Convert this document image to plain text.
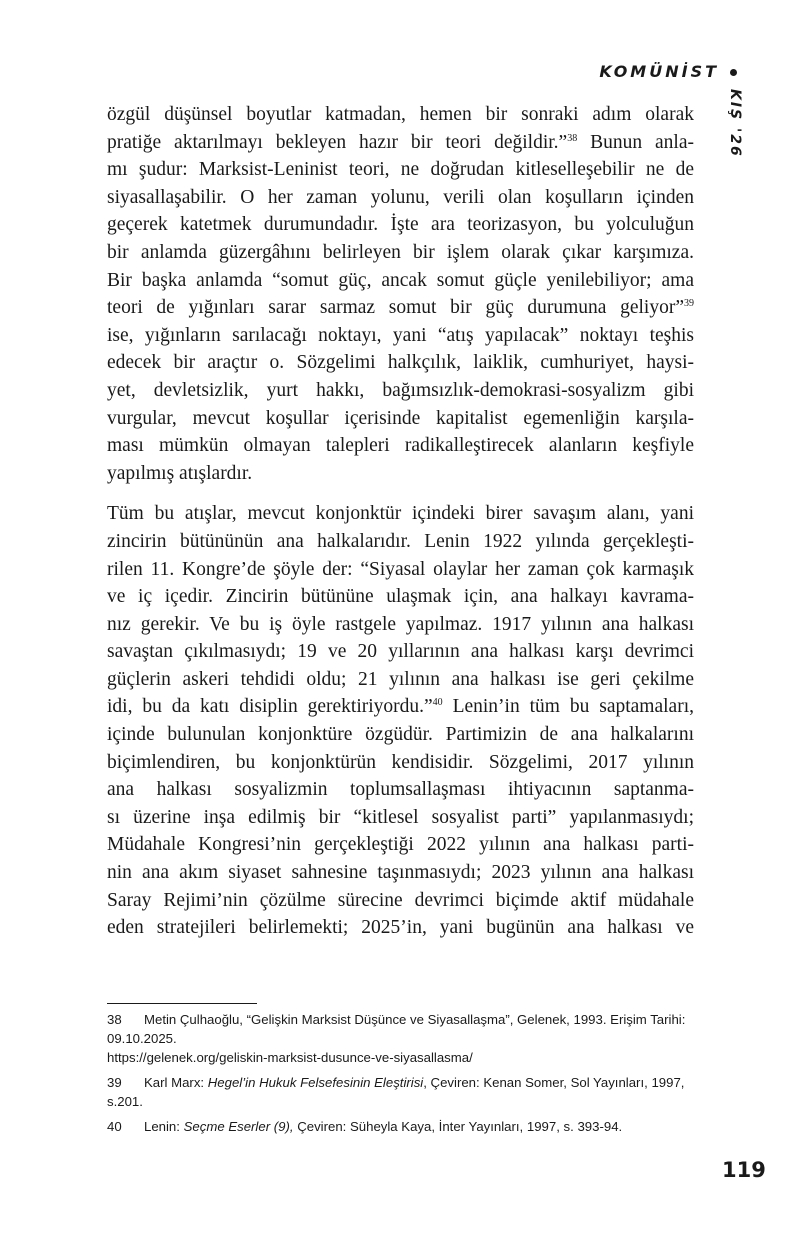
KOMÜNİST
KIŞ '26

özgül düşünsel boyutlar katmadan, hemen bir sonraki adım olarak
pratiğe aktarılmayı bekleyen hazır bir teori değildir.”$^{38}$ Bunun anla-
mı şudur: Marksist-Leninist teori, ne doğrudan kitleselleşebilir ne de
siyasallaşabilir. O her zaman yolunu, verili olan koşulların içinden
geçerek katetmek durumundadır. İşte ara teorizasyon, bu yolculuğun
bir anlamda güzergâhını belirleyen bir işlem olarak çıkar karşımıza.
Bir başka anlamda “somut güç, ancak somut güçle yenilebiliyor; ama
teori de yığınları sarar sarmaz somut bir güç durumuna geliyor”$^{39}$
ise, yığınların sarılacağı noktayı, yani “atış yapılacak” noktayı teşhis
edecek bir araçtır o. Sözgelimi halkçılık, laiklik, cumhuriyet, haysi-
yet, devletsizlik, yurt hakkı, bağımsızlık-demokrasi-sosyalizm gibi
vurgular, mevcut koşullar içerisinde kapitalist egemenliğin karşıla-
ması mümkün olmayan talepleri radikalleştirecek alanların keşfiyle
yapılmış atışlardır.

Tüm bu atışlar, mevcut konjonktür içindeki birer savaşım alanı, yani
zincirin bütününün ana halkalarıdır. Lenin 1922 yılında gerçekleşti-
rilen 11. Kongre’de şöyle der: “Siyasal olaylar her zaman çok karmaşık
ve iç içedir. Zincirin bütününe ulaşmak için, ana halkayı kavrama-
nız gerekir. Ve bu iş öyle rastgele yapılmaz. 1917 yılının ana halkası
savaştan çıkılmasıydı; 19 ve 20 yıllarının ana halkası karşı devrimci
güçlerin askeri tehdidi oldu; 21 yılının ana halkası ise geri çekilme
idi, bu da katı disiplin gerektiriyordu.”$^{40}$ Lenin’in tüm bu saptamaları,
içinde bulunulan konjonktüre özgüdür. Partimizin de ana halkalarını
biçimlendiren, bu konjonktürün kendisidir. Sözgelimi, 2017 yılının
ana halkası sosyalizmin toplumsallaşması ihtiyacının saptanma-
sı üzerine inşa edilmiş bir “kitlesel sosyalist parti” yapılanmasıydı;
Müdahale Kongresi’nin gerçekleştiği 2022 yılının ana halkası parti-
nin ana akım siyaset sahnesine taşınmasıydı; 2023 yılının ana halkası
Saray Rejimi’nin çözülme sürecine devrimci biçimde aktif müdahale
eden stratejileri belirlemekti; 2025’in, yani bugünün ana halkası ve

38 Metin Çulhaoğlu, “Gelişkin Marksist Düşünce ve Siyasallaşma”, Gelenek, 1993. Erişim Tarihi: 09.10.2025.
https://gelenek.org/geliskin-marksist-dusunce-ve-siyasallasma/

39 Karl Marx: Hegel’in Hukuk Felsefesinin Eleştirisi, Çeviren: Kenan Somer, Sol Yayınları, 1997, s.201.

40 Lenin: Seçme Eserler (9), Çeviren: Süheyla Kaya, İnter Yayınları, 1997, s. 393-94.

119
